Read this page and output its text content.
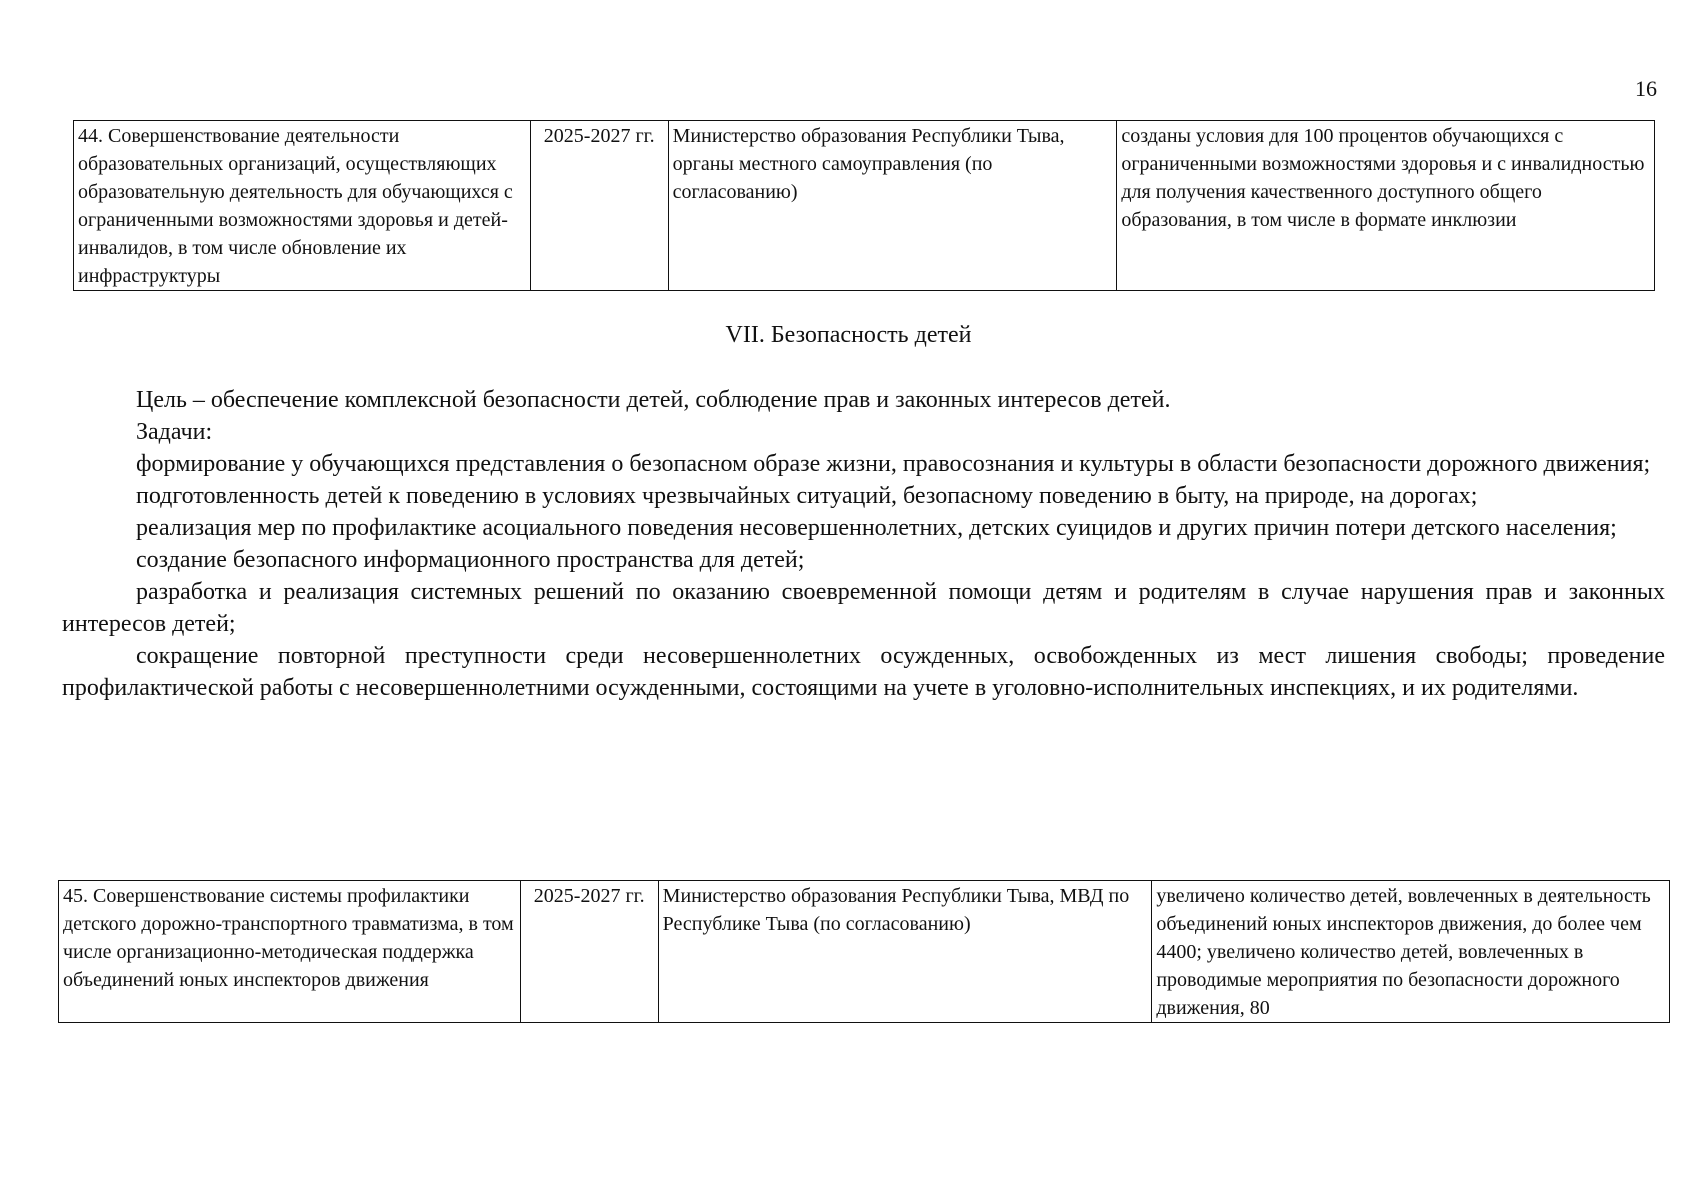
16
44. Совершенствование деятельности образовательных организаций, осуществляющих образовательную деятельность для обучающихся с ограниченными возможностями здоровья и детей-инвалидов, в том числе обновление их инфраструктуры	2025-2027 гг.	Министерство образования Республики Тыва, органы местного самоуправления (по согласованию)	созданы условия для 100 процентов обучающихся с ограниченными возможностями здоровья и с инвалидностью для получения качественного доступного общего образования, в том числе в формате инклюзии
VII. Безопасность детей

Цель – обеспечение комплексной безопасности детей, соблюдение прав и законных интересов детей.

Задачи:

формирование у обучающихся представления о безопасном образе жизни, правосознания и культуры в области безопасности дорожного движения;

подготовленность детей к поведению в условиях чрезвычайных ситуаций, безопасному поведению в быту, на природе, на дорогах;

реализация мер по профилактике асоциального поведения несовершеннолетних, детских суицидов и других причин потери детского населения;

создание безопасного информационного пространства для детей;

разработка и реализация системных решений по оказанию своевременной помощи детям и родителям в случае нарушения прав и законных интересов детей;

сокращение повторной преступности среди несовершеннолетних осужденных, освобожденных из мест лишения свободы; проведение профилактической работы с несовершеннолетними осужденными, состоящими на учете в уголовно-исполнительных инспекциях, и их родителями.

45. Совершенствование системы профилактики детского дорожно-транспортного травматизма, в том числе организационно-методическая поддержка объединений юных инспекторов движения	2025-2027 гг.	Министерство образования Республики Тыва, МВД по Республике Тыва (по согласованию)	увеличено количество детей, вовлеченных в деятельность объединений юных инспекторов движения, до более чем 4400; увеличено количество детей, вовлеченных в проводимые мероприятия по безопасности дорожного движения, 80
